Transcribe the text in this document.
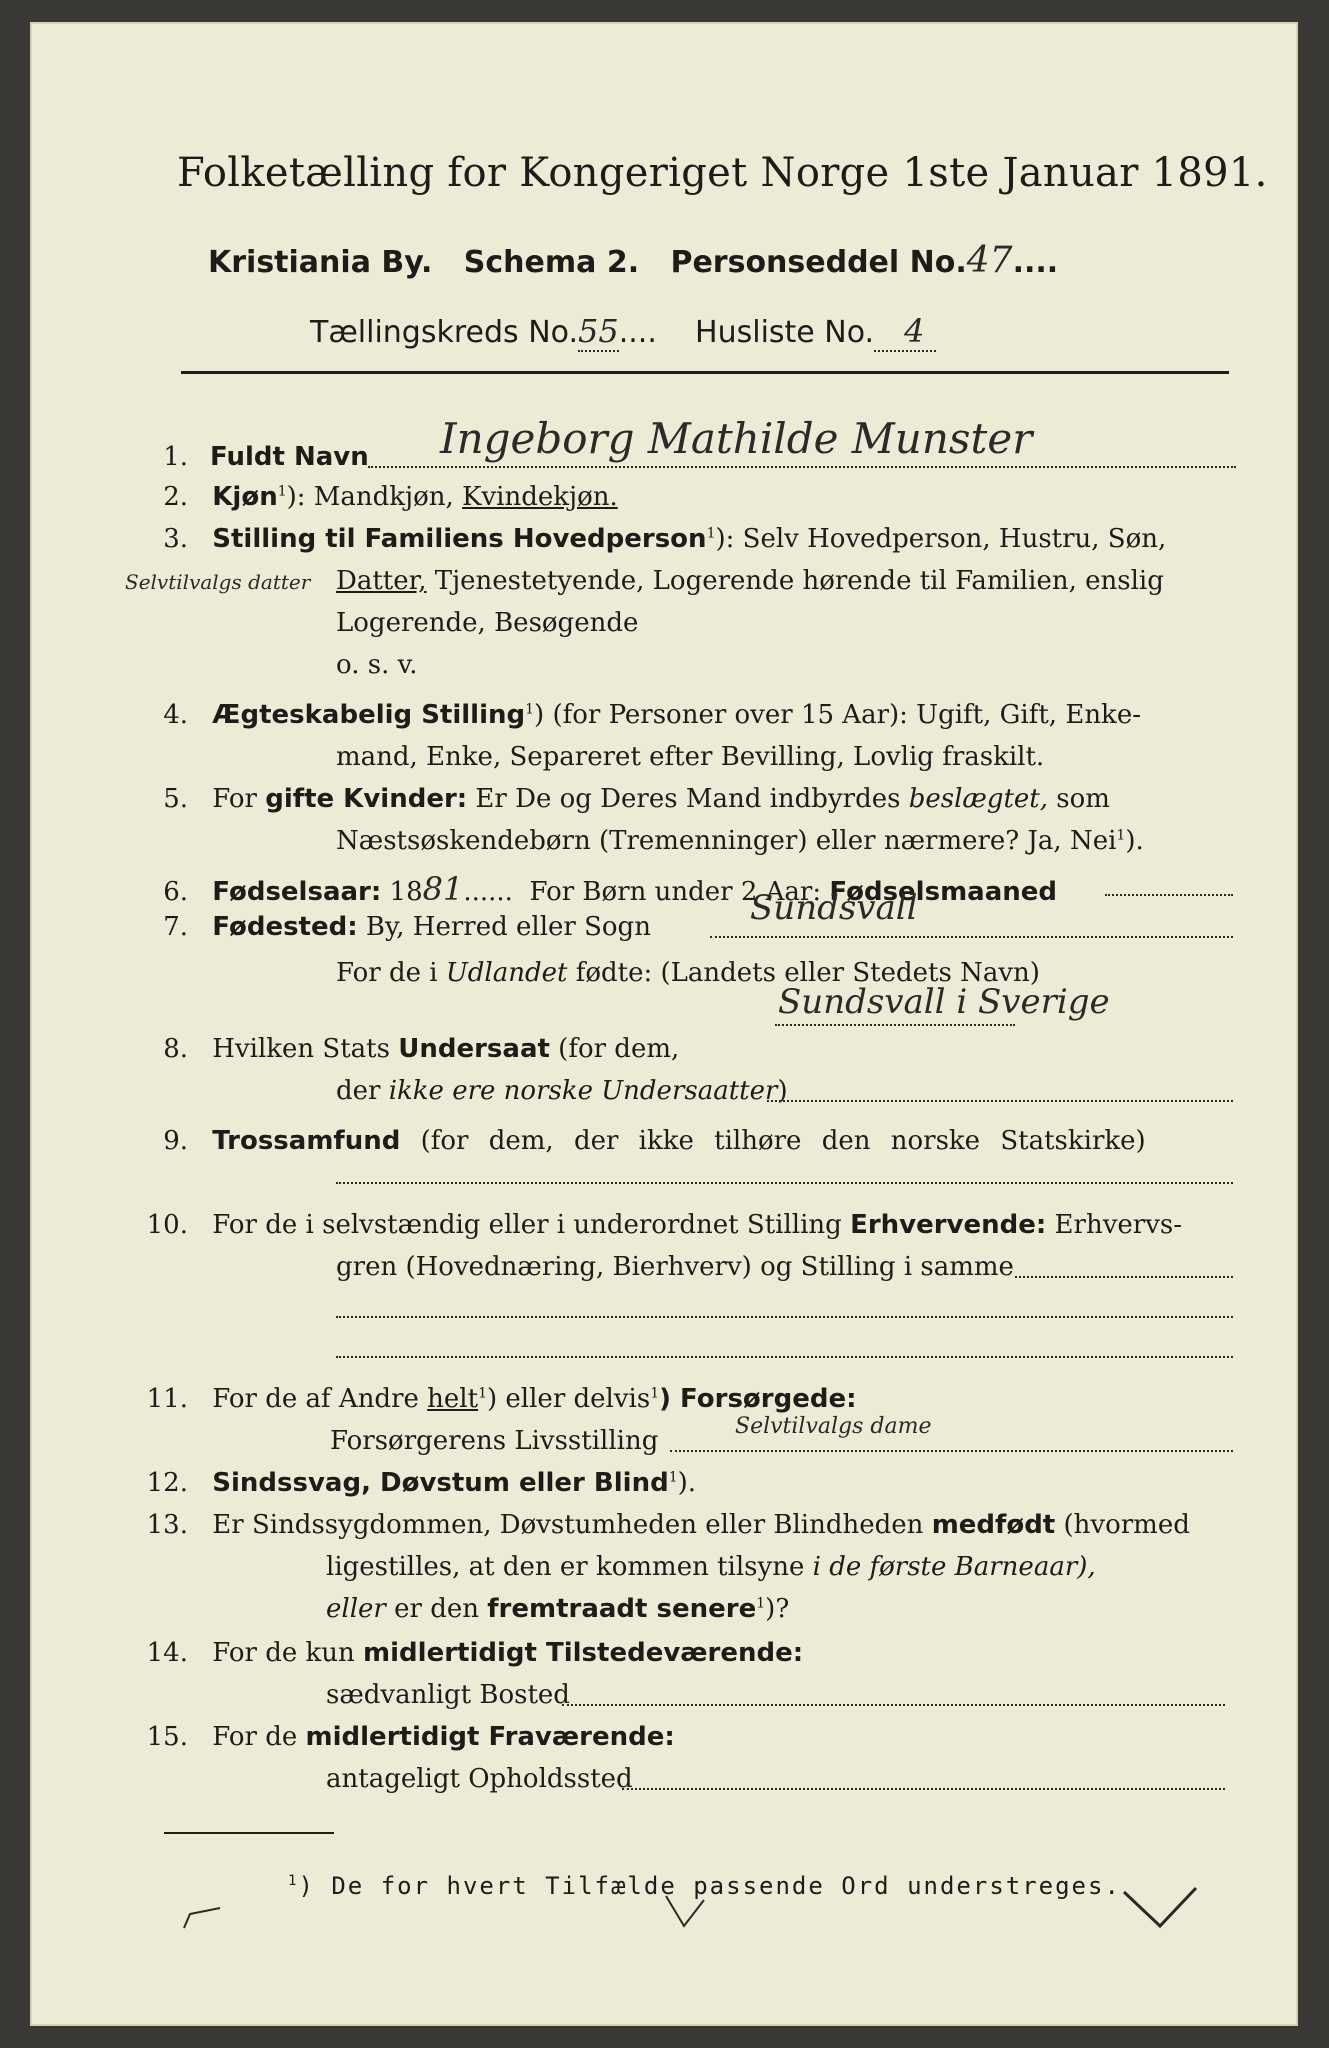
Folketælling for Kongeriget Norge 1ste Januar 1891.
Kristiania By. Schema 2. Personseddel No.47....
Tællingskreds No.55.... Husliste No. 4
1. Fuldt Navn Ingeborg Mathilde Munster
2. Kjøn$^1$): Mandkjøn, Kvindekjøn.
3. Stilling til Familiens Hovedperson$^1$): Selv Hovedperson, Hustru, Søn,
Selvtilvalgs datter Datter, Tjenestetyende, Logerende hørende til Familien, enslig
Logerende, Besøgende
o. s. v.
4. Ægteskabelig Stilling$^1$) (for Personer over 15 Aar): Ugift, Gift, Enke-
mand, Enke, Separeret efter Bevilling, Lovlig fraskilt.
5. For gifte Kvinder: Er De og Deres Mand indbyrdes beslægtet, som
Næstsøskendebørn (Tremenninger) eller nærmere? Ja, Nei$^1$).
6. Fødselsaar: 1881......  For Børn under 2 Aar: Fødselsmaaned
7. Fødested: By, Herred eller Sogn	Sundsvall
For de i Udlandet fødte: (Landets eller Stedets Navn)
Sundsvall i Sverige
8. Hvilken Stats Undersaat (for dem,
der ikke ere norske Undersaatter)
9. Trossamfund (for dem, der ikke tilhøre den norske Statskirke)
10. For de i selvstændig eller i underordnet Stilling Erhvervende: Erhvervs-
gren (Hovednæring, Bierhverv) og Stilling i samme
11. For de af Andre helt$^1$) eller delvis$^1$) Forsørgede:
Forsørgerens Livsstilling	Selvtilvalgs dame
12. Sindssvag, Døvstum eller Blind$^1$).
13. Er Sindssygdommen, Døvstumheden eller Blindheden medfødt (hvormed
ligestilles, at den er kommen tilsyne i de første Barneaar),
eller er den fremtraadt senere$^1$)?
14. For de kun midlertidigt Tilstedeværende:
sædvanligt Bosted
15. For de midlertidigt Fraværende:
antageligt Opholdssted
$^1$) De for hvert Tilfælde passende Ord understreges.
